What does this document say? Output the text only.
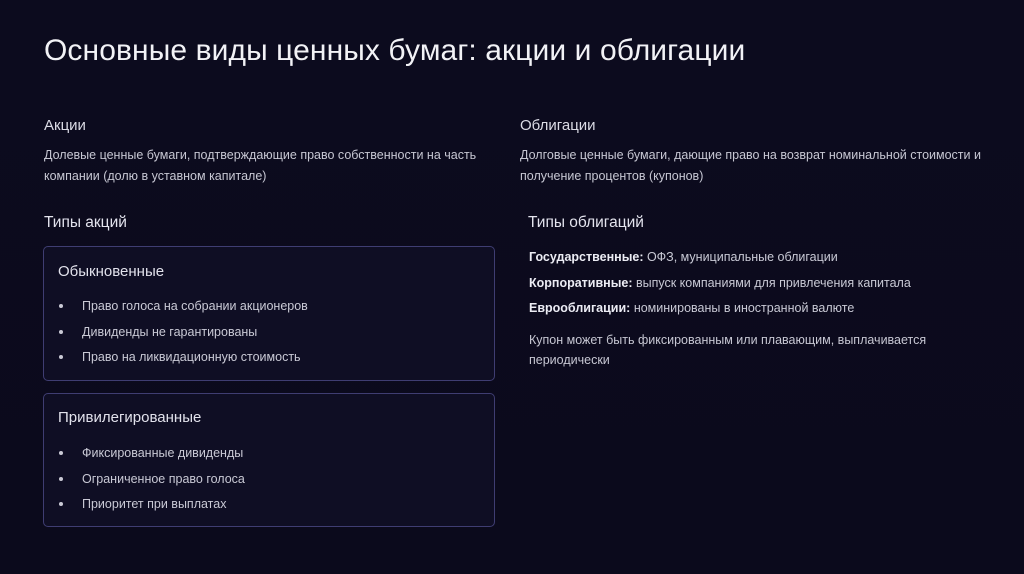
Основные виды ценных бумаг: акции и облигации
Акции
Долевые ценные бумаги, подтверждающие право собственности на часть компании (долю в уставном капитале)
Облигации
Долговые ценные бумаги, дающие право на возврат номинальной стоимости и получение процентов (купонов)
Типы акций	Типы облигаций
Обыкновенные
Право голоса на собрании акционеров
Дивиденды не гарантированы
Право на ликвидационную стоимость
Привилегированные
Фиксированные дивиденды
Ограниченное право голоса
Приоритет при выплатах
Государственные: ОФЗ, муниципальные облигации
Корпоративные: выпуск компаниями для привлечения капитала
Еврооблигации: номинированы в иностранной валюте
Купон может быть фиксированным или плавающим, выплачивается периодически
